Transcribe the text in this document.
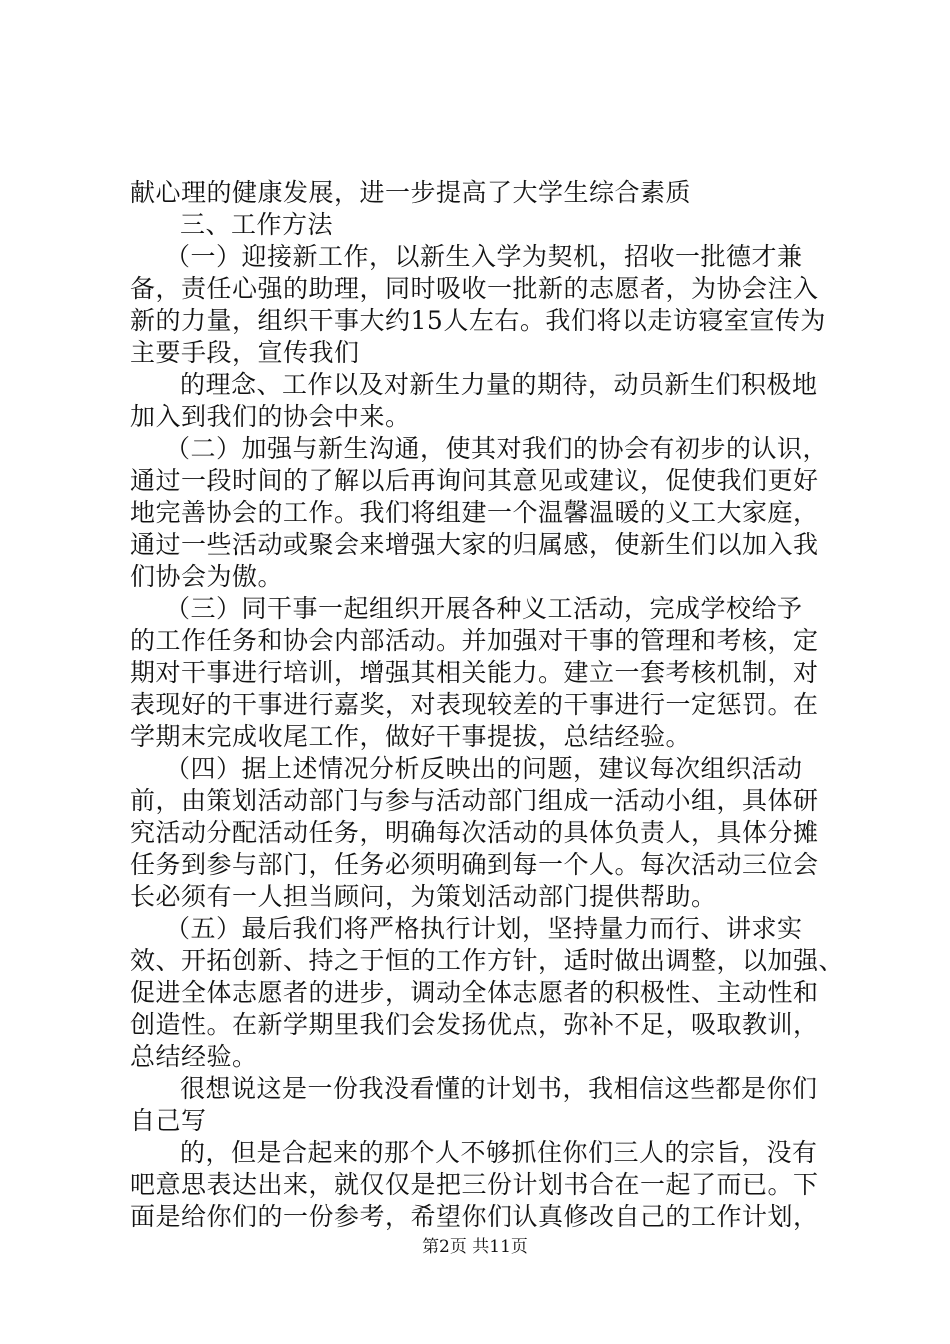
献心理的健康发展，进一步提高了大学生综合素质
三、工作方法
（一）迎接新工作，以新生入学为契机，招收一批德才兼
备，责任心强的助理，同时吸收一批新的志愿者，为协会注入
新的力量，组织干事大约15人左右。我们将以走访寝室宣传为
主要手段，宣传我们
的理念、工作以及对新生力量的期待，动员新生们积极地
加入到我们的协会中来。
（二）加强与新生沟通，使其对我们的协会有初步的认识，
通过一段时间的了解以后再询问其意见或建议，促使我们更好
地完善协会的工作。我们将组建一个温馨温暖的义工大家庭，
通过一些活动或聚会来增强大家的归属感，使新生们以加入我
们协会为傲。
（三）同干事一起组织开展各种义工活动，完成学校给予
的工作任务和协会内部活动。并加强对干事的管理和考核，定
期对干事进行培训，增强其相关能力。建立一套考核机制，对
表现好的干事进行嘉奖，对表现较差的干事进行一定惩罚。在
学期末完成收尾工作，做好干事提拔，总结经验。
（四）据上述情况分析反映出的问题，建议每次组织活动
前，由策划活动部门与参与活动部门组成一活动小组，具体研
究活动分配活动任务，明确每次活动的具体负责人，具体分摊
任务到参与部门，任务必须明确到每一个人。每次活动三位会
长必须有一人担当顾问，为策划活动部门提供帮助。
（五）最后我们将严格执行计划，坚持量力而行、讲求实
效、开拓创新、持之于恒的工作方针，适时做出调整，以加强、
促进全体志愿者的进步，调动全体志愿者的积极性、主动性和
创造性。在新学期里我们会发扬优点，弥补不足，吸取教训，
总结经验。
很想说这是一份我没看懂的计划书，我相信这些都是你们
自己写
的，但是合起来的那个人不够抓住你们三人的宗旨，没有
吧意思表达出来，就仅仅是把三份计划书合在一起了而已。下
面是给你们的一份参考，希望你们认真修改自己的工作计划，
第2页 共11页
